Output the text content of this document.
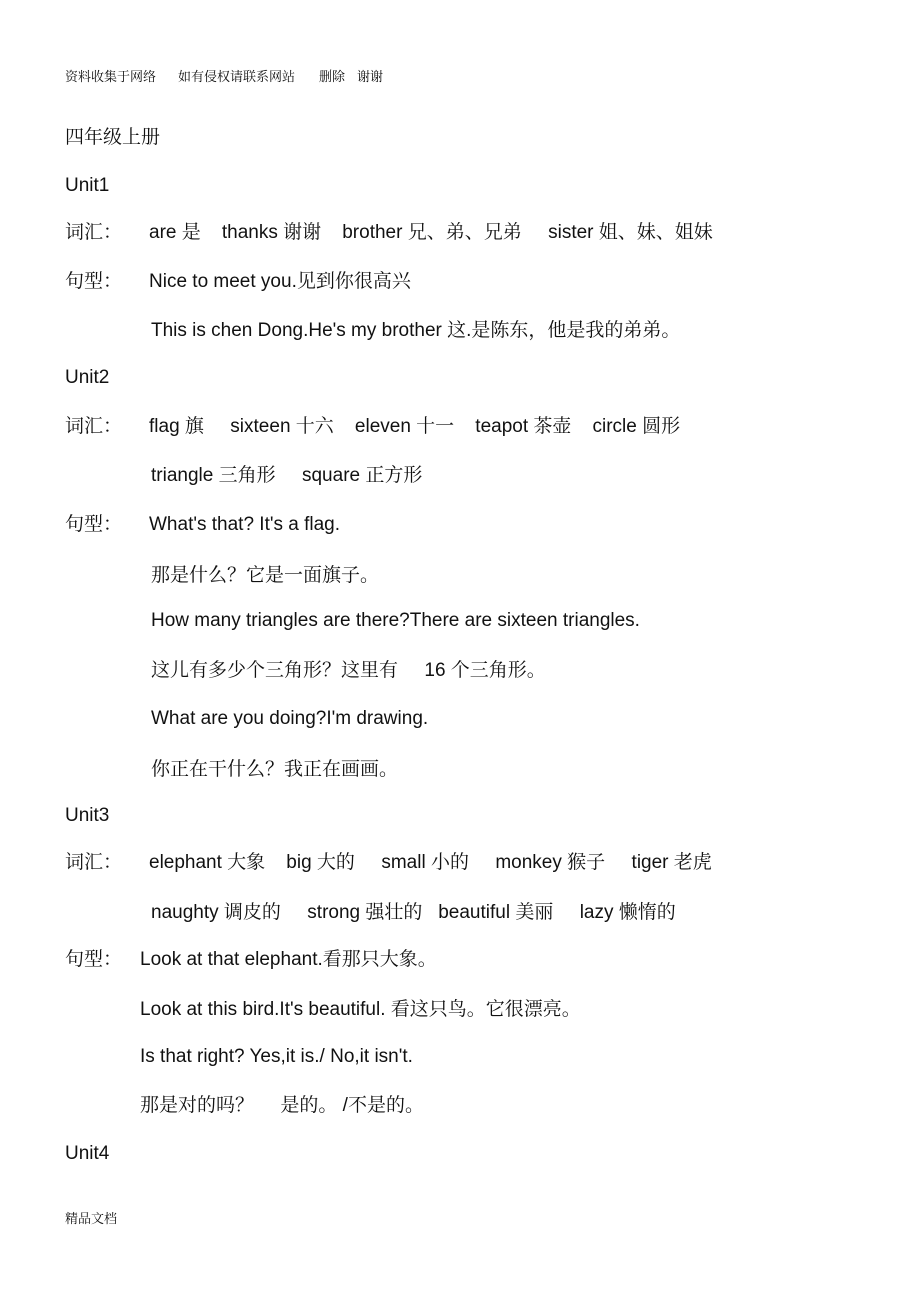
资料收集于网络 如有侵权请联系网站 删除 谢谢
四年级上册
Unit1
词汇： are 是    thanks 谢谢    brother 兄、弟、兄弟     sister 姐、妹、姐妹
句型： Nice to meet you.见到你很高兴
This is chen Dong.He's my brother 这.是陈东，他是我的弟弟。
Unit2
词汇： flag 旗     sixteen 十六    eleven 十一    teapot 茶壶    circle 圆形
triangle 三角形     square 正方形
句型： What's that? It's a flag.
那是什么？它是一面旗子。
How many triangles are there?There are sixteen triangles.
这儿有多少个三角形？这里有     16 个三角形。
What are you doing?I'm drawing.
你正在干什么？我正在画画。
Unit3
词汇： elephant 大象    big 大的     small 小的     monkey 猴子     tiger 老虎
naughty 调皮的     strong 强壮的   beautiful 美丽     lazy 懒惰的
句型： Look at that elephant.看那只大象。
Look at this bird.It's beautiful. 看这只鸟。它很漂亮。
Is that right? Yes,it is./ No,it isn't.
那是对的吗？     是的。 /不是的。
Unit4
精品文档
